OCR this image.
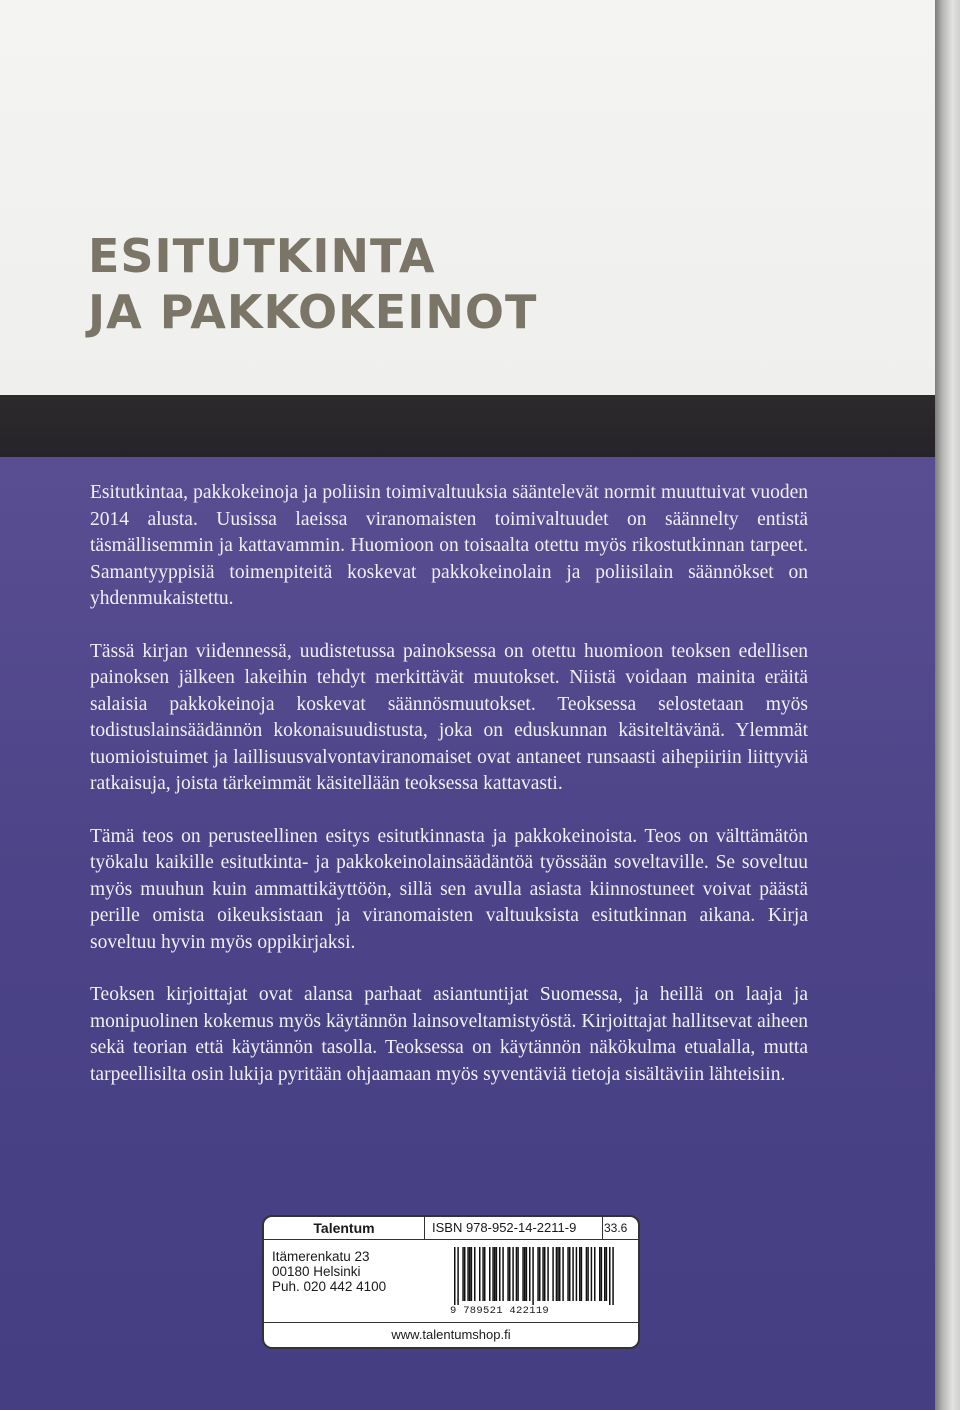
ESITUTKINTA
JA PAKKOKEINOT

Esitutkintaa, pakkokeinoja ja poliisin toimivaltuuksia sääntelevät normit muuttuivat vuoden 2014 alusta. Uusissa laeissa viranomaisten toimivaltuudet on säännelty entistä täsmällisemmin ja kattavammin. Huomioon on toisaalta otettu myös rikostutkinnan tarpeet. Samantyyppisiä toimenpiteitä koskevat pakkokeinolain ja poliisilain säännökset on yhdenmukaistettu.

Tässä kirjan viidennessä, uudistetussa painoksessa on otettu huomioon teoksen edellisen painoksen jälkeen lakeihin tehdyt merkittävät muutokset. Niistä voidaan mainita eräitä salaisia pakkokeinoja koskevat säännösmuutokset. Teoksessa selostetaan myös todistuslainsäädännön kokonaisuudistusta, joka on eduskunnan käsiteltävänä. Ylemmät tuomioistuimet ja laillisuusvalvontaviranomaiset ovat antaneet runsaasti aihepiiriin liittyviä ratkaisuja, joista tärkeimmät käsitellään teoksessa kattavasti.

Tämä teos on perusteellinen esitys esitutkinnasta ja pakkokeinoista. Teos on välttämätön työkalu kaikille esitutkinta- ja pakkokeinolainsäädäntöä työssään soveltaville. Se soveltuu myös muuhun kuin ammattikäyttöön, sillä sen avulla asiasta kiinnostuneet voivat päästä perille omista oikeuksistaan ja viranomaisten valtuuksista esitutkinnan aikana. Kirja soveltuu hyvin myös oppikirjaksi.

Teoksen kirjoittajat ovat alansa parhaat asiantuntijat Suomessa, ja heillä on laaja ja monipuolinen kokemus myös käytännön lainsoveltamistyöstä. Kirjoittajat hallitsevat aiheen sekä teorian että käytännön tasolla. Teoksessa on käytännön näkökulma etualalla, mutta tarpeellisilta osin lukija pyritään ohjaamaan myös syventäviä tietoja sisältäviin lähteisiin.

Talentum	ISBN 978-952-14-2211-9	33.6
Itämerenkatu 23
00180 Helsinki
Puh. 020 442 4100
9 789521 422119
www.talentumshop.fi
